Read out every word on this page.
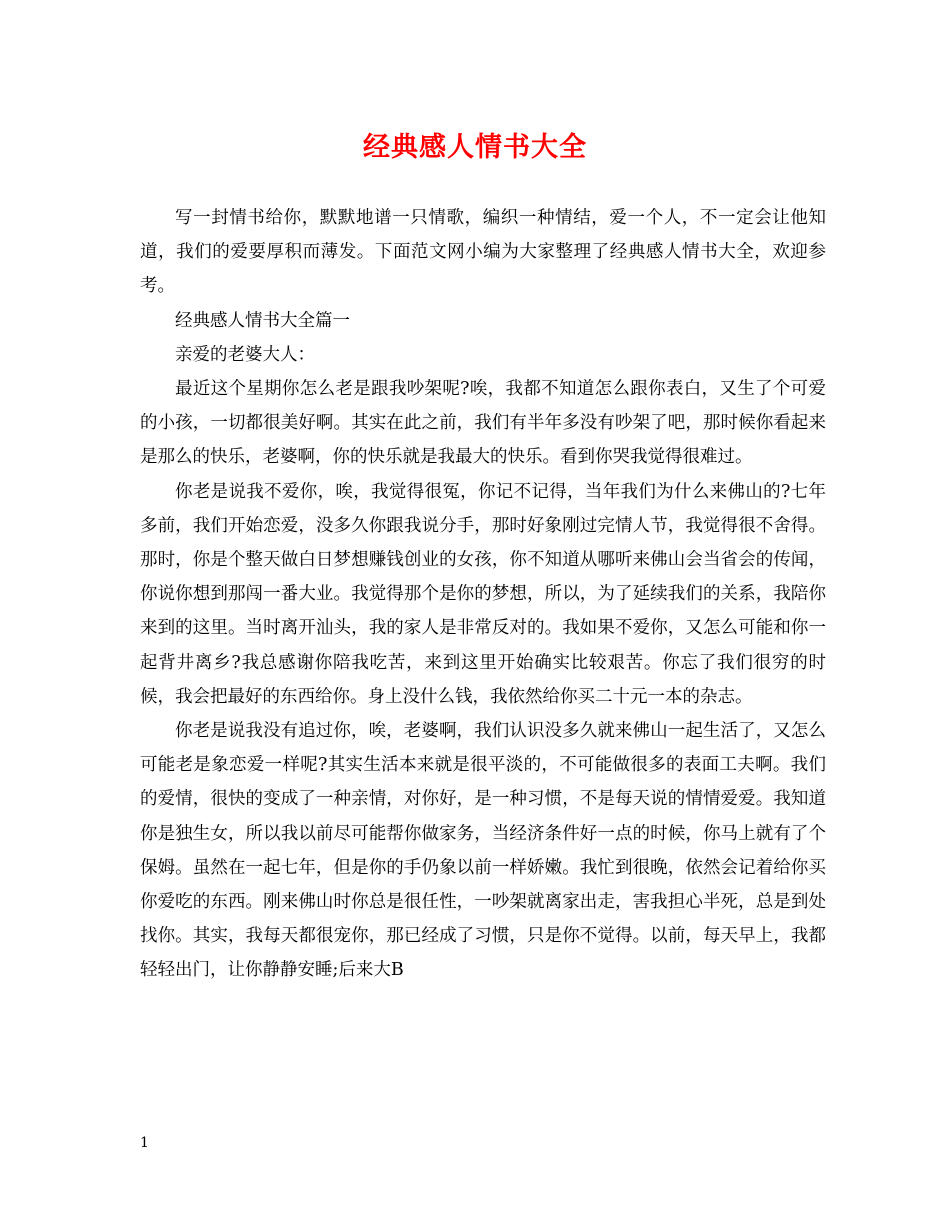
经典感人情书大全

写一封情书给你，默默地谱一只情歌，编织一种情结，爱一个人，不一定会让他知道，我们的爱要厚积而薄发。下面范文网小编为大家整理了经典感人情书大全，欢迎参考。

经典感人情书大全篇一

亲爱的老婆大人：

最近这个星期你怎么老是跟我吵架呢?唉，我都不知道怎么跟你表白，又生了个可爱的小孩，一切都很美好啊。其实在此之前，我们有半年多没有吵架了吧，那时候你看起来是那么的快乐，老婆啊，你的快乐就是我最大的快乐。看到你哭我觉得很难过。

你老是说我不爱你，唉，我觉得很冤，你记不记得，当年我们为什么来佛山的?七年多前，我们开始恋爱，没多久你跟我说分手，那时好象刚过完情人节，我觉得很不舍得。那时，你是个整天做白日梦想赚钱创业的女孩，你不知道从哪听来佛山会当省会的传闻，你说你想到那闯一番大业。我觉得那个是你的梦想，所以，为了延续我们的关系，我陪你来到的这里。当时离开汕头，我的家人是非常反对的。我如果不爱你，又怎么可能和你一起背井离乡?我总感谢你陪我吃苦，来到这里开始确实比较艰苦。你忘了我们很穷的时候，我会把最好的东西给你。身上没什么钱，我依然给你买二十元一本的杂志。

你老是说我没有追过你，唉，老婆啊，我们认识没多久就来佛山一起生活了，又怎么可能老是象恋爱一样呢?其实生活本来就是很平淡的，不可能做很多的表面工夫啊。我们的爱情，很快的变成了一种亲情，对你好，是一种习惯，不是每天说的情情爱爱。我知道你是独生女，所以我以前尽可能帮你做家务，当经济条件好一点的时候，你马上就有了个保姆。虽然在一起七年，但是你的手仍象以前一样娇嫩。我忙到很晚，依然会记着给你买你爱吃的东西。刚来佛山时你总是很任性，一吵架就离家出走，害我担心半死，总是到处找你。其实，我每天都很宠你，那已经成了习惯，只是你不觉得。以前，每天早上，我都轻轻出门，让你静静安睡;后来大B

1
